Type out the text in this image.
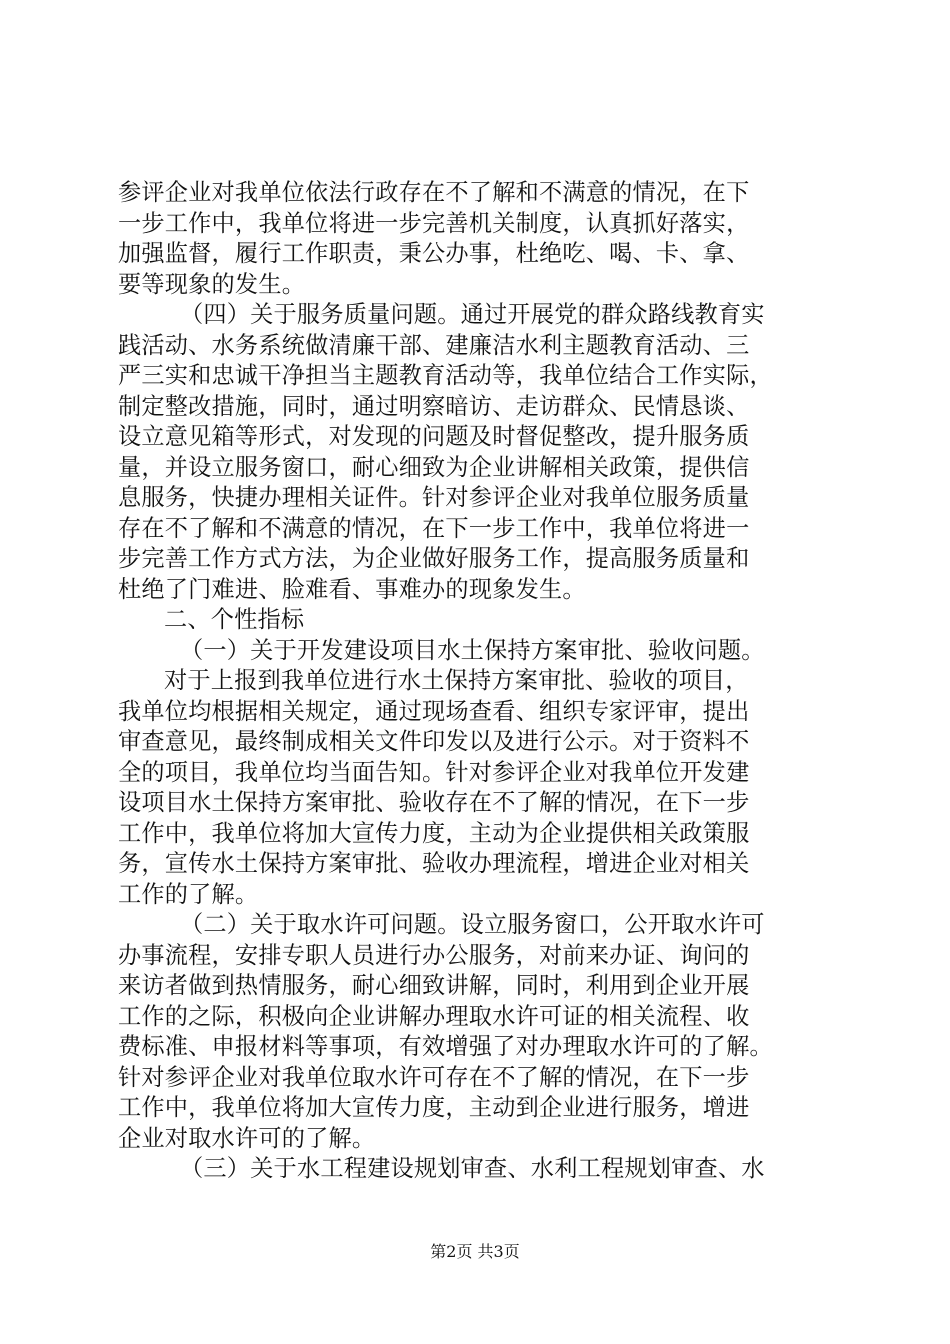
参评企业对我单位依法行政存在不了解和不满意的情况，在下
一步工作中，我单位将进一步完善机关制度，认真抓好落实，
加强监督，履行工作职责，秉公办事，杜绝吃、喝、卡、拿、
要等现象的发生。
（四）关于服务质量问题。通过开展党的群众路线教育实
践活动、水务系统做清廉干部、建廉洁水利主题教育活动、三
严三实和忠诚干净担当主题教育活动等，我单位结合工作实际，
制定整改措施，同时，通过明察暗访、走访群众、民情恳谈、
设立意见箱等形式，对发现的问题及时督促整改，提升服务质
量，并设立服务窗口，耐心细致为企业讲解相关政策，提供信
息服务，快捷办理相关证件。针对参评企业对我单位服务质量
存在不了解和不满意的情况，在下一步工作中，我单位将进一
步完善工作方式方法，为企业做好服务工作，提高服务质量和
杜绝了门难进、脸难看、事难办的现象发生。
二、个性指标
（一）关于开发建设项目水土保持方案审批、验收问题。
对于上报到我单位进行水土保持方案审批、验收的项目，
我单位均根据相关规定，通过现场查看、组织专家评审，提出
审查意见，最终制成相关文件印发以及进行公示。对于资料不
全的项目，我单位均当面告知。针对参评企业对我单位开发建
设项目水土保持方案审批、验收存在不了解的情况，在下一步
工作中，我单位将加大宣传力度，主动为企业提供相关政策服
务，宣传水土保持方案审批、验收办理流程，增进企业对相关
工作的了解。
（二）关于取水许可问题。设立服务窗口，公开取水许可
办事流程，安排专职人员进行办公服务，对前来办证、询问的
来访者做到热情服务，耐心细致讲解，同时，利用到企业开展
工作的之际，积极向企业讲解办理取水许可证的相关流程、收
费标准、申报材料等事项，有效增强了对办理取水许可的了解。
针对参评企业对我单位取水许可存在不了解的情况，在下一步
工作中，我单位将加大宣传力度，主动到企业进行服务，增进
企业对取水许可的了解。
（三）关于水工程建设规划审查、水利工程规划审查、水
第2页 共3页
